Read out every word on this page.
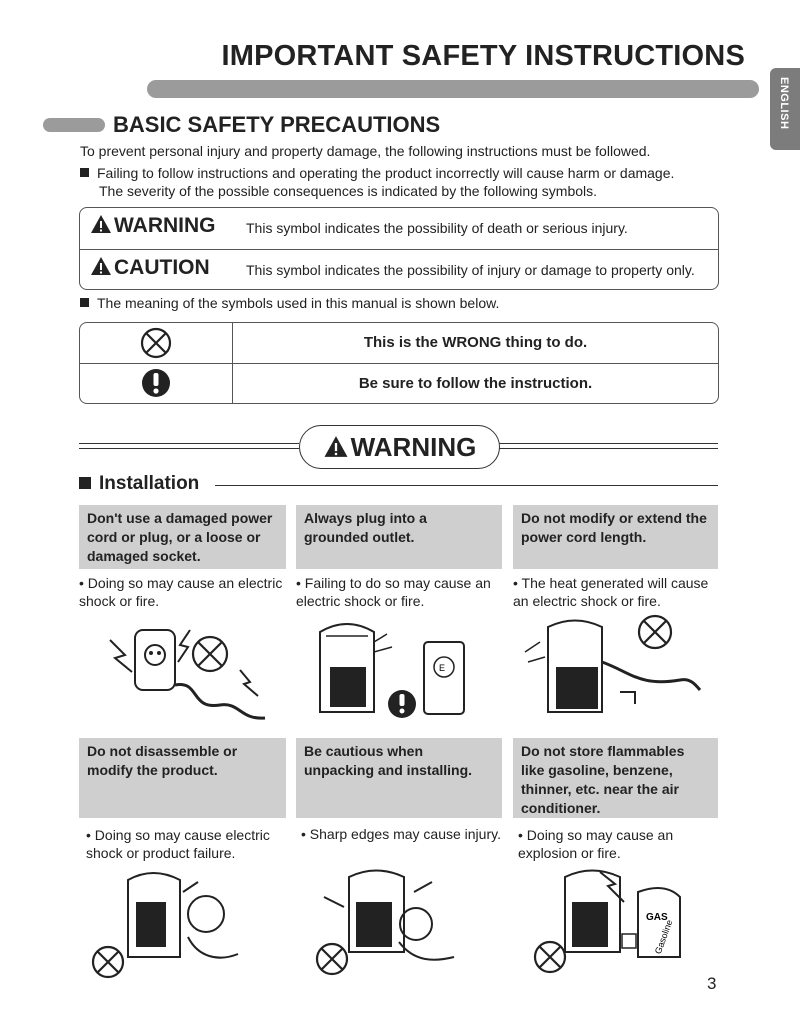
IMPORTANT SAFETY INSTRUCTIONS
ENGLISH
BASIC SAFETY PRECAUTIONS
To prevent personal injury and property damage, the following instructions must be followed.
Failing to follow instructions and operating the product incorrectly will cause harm or damage.
The severity of the possible consequences is indicated by the following symbols.
WARNING This symbol indicates the possibility of death or serious injury.
CAUTION	This symbol indicates the possibility of injury or damage to property only.
The meaning of the symbols used in this manual is shown below.
This is the WRONG thing to do.
Be sure to follow the instruction.
WARNING
Installation
Don't use a damaged power cord or plug, or a loose or damaged socket.
Always plug into a grounded outlet.
Do not modify or extend the power cord length.
• Doing so may cause an electric shock or fire.
• Failing to do so may cause an electric shock or fire.
• The heat generated will cause an electric shock or fire.
E
Do not disassemble or modify the product.
Be cautious when unpacking and installing.
Do not store flammables like gasoline, benzene, thinner, etc. near the air conditioner.
• Doing so may cause electric shock or product failure.
• Sharp edges may cause injury. • Doing so may cause an explosion or fire.
GAS
Gasoline
3
